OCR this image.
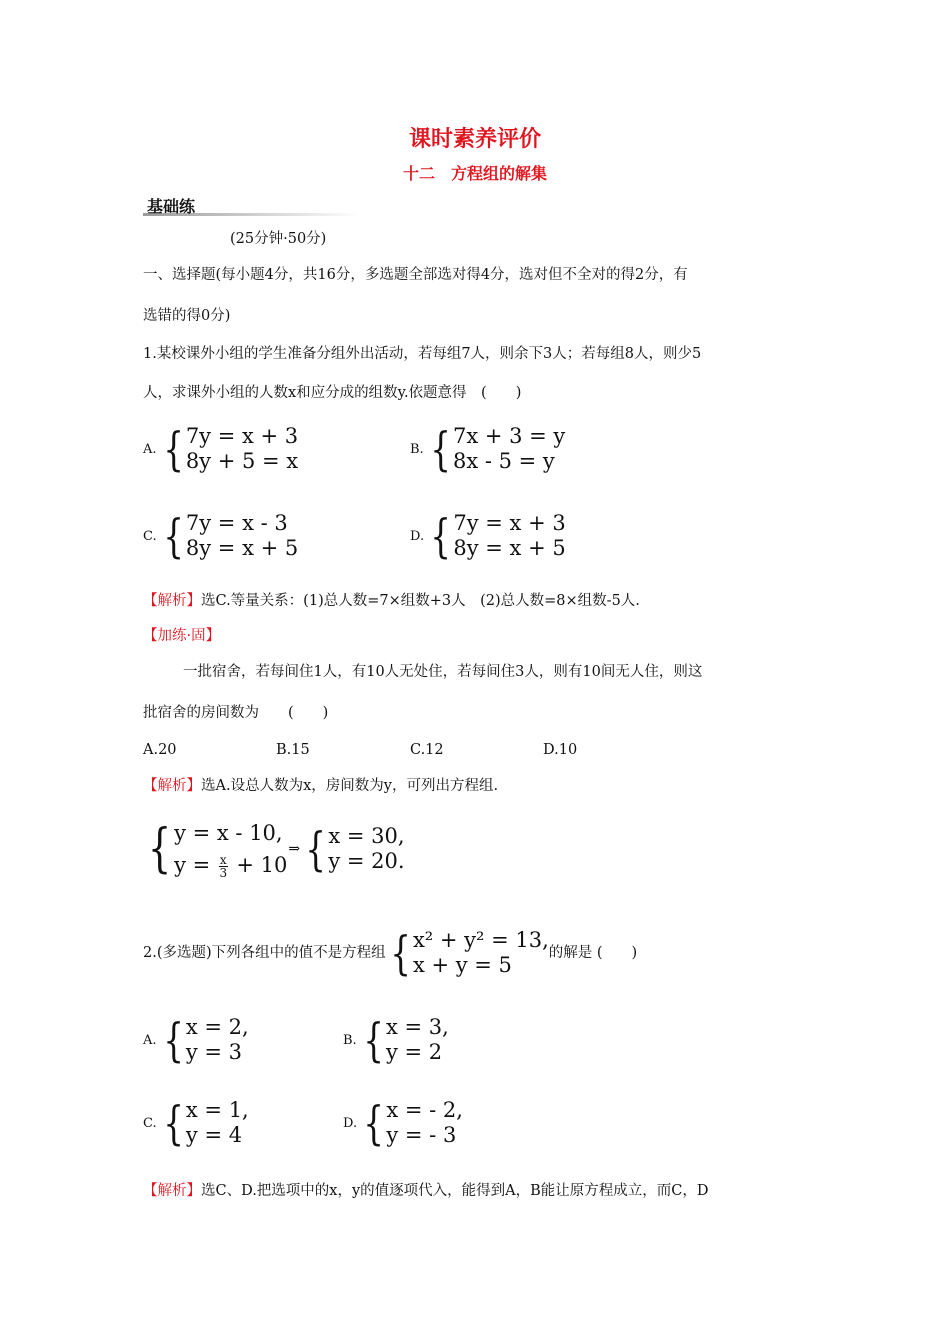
课时素养评价
十二　方程组的解集
基础练
(25分钟·50分)
一、选择题(每小题4分，共16分，多选题全部选对得4分，选对但不全对的得2分，有
选错的得0分)
1.某校课外小组的学生准备分组外出活动，若每组7人，则余下3人；若每组8人，则少5
人，求课外小组的人数x和应分成的组数y.依题意得　(　　)
A. { 7y = x + 3
8y + 5 = x	B. { 7x + 3 = y
8x - 5 = y
C. { 7y = x - 3
8y = x + 5	D. { 7y = x + 3
8y = x + 5
【解析】选C.等量关系：(1)总人数=7×组数+3人　(2)总人数=8×组数-5人.
【加练·固】
一批宿舍，若每间住1人，有10人无处住，若每间住3人，则有10间无人住，则这
批宿舍的房间数为　　(　　)
A.20	B.15	C.12	D.10
【解析】选A.设总人数为x，房间数为y，可列出方程组.
{ y = x - 10,
$y = \frac{x}{3} + 10$
⇒ { x = 30,
y = 20.
2.(多选题)下列各组中的值不是方程组 { x² + y² = 13,
x + y = 5
的解是 (　　)
A. { x = 2,
y = 3	B. { x = 3,
y = 2
C. { x = 1,
y = 4	D. { x = - 2,
y = - 3
【解析】选C、D.把选项中的x，y的值逐项代入，能得到A，B能让原方程成立，而C，D
